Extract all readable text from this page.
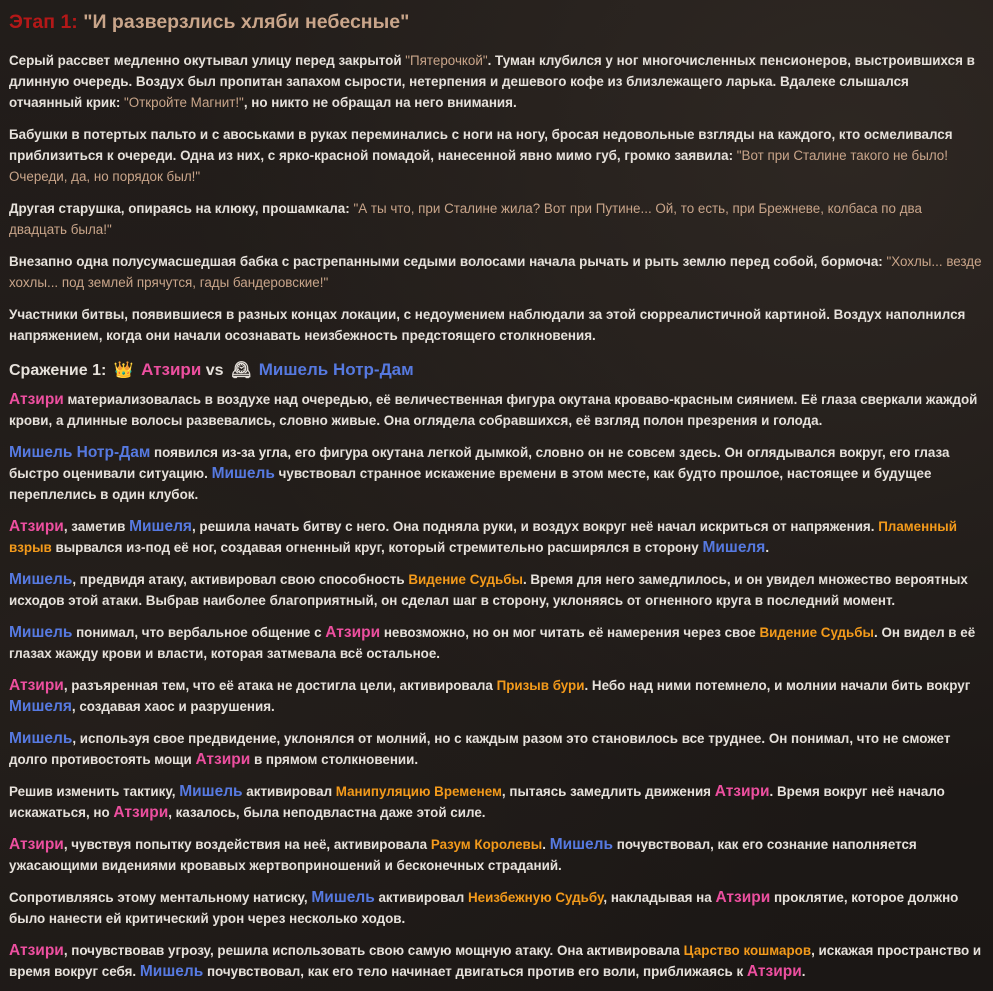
Этап 1: "И разверзлись хляби небесные"

Серый рассвет медленно окутывал улицу перед закрытой "Пятерочкой". Туман клубился у ног многочисленных пенсионеров, выстроившихся в длинную очередь. Воздух был пропитан запахом сырости, нетерпения и дешевого кофе из близлежащего ларька. Вдалеке слышался отчаянный крик: "Откройте Магнит!", но никто не обращал на него внимания.

Бабушки в потертых пальто и с авоськами в руках переминались с ноги на ногу, бросая недовольные взгляды на каждого, кто осмеливался приблизиться к очереди. Одна из них, с ярко-красной помадой, нанесенной явно мимо губ, громко заявила: "Вот при Сталине такого не было! Очереди, да, но порядок был!"

Другая старушка, опираясь на клюку, прошамкала: "А ты что, при Сталине жила? Вот при Путине... Ой, то есть, при Брежневе, колбаса по два двадцать была!"

Внезапно одна полусумасшедшая бабка с растрепанными седыми волосами начала рычать и рыть землю перед собой, бормоча: "Хохлы... везде хохлы... под землей прячутся, гады бандеровские!"

Участники битвы, появившиеся в разных концах локации, с недоумением наблюдали за этой сюрреалистичной картиной. Воздух наполнился напряжением, когда они начали осознавать неизбежность предстоящего столкновения.

Сражение 1: 👑 Атзири vs 🕰 Мишель Нотр-Дам

Атзири материализовалась в воздухе над очередью, её величественная фигура окутана кроваво-красным сиянием. Её глаза сверкали жаждой крови, а длинные волосы развевались, словно живые. Она оглядела собравшихся, её взгляд полон презрения и голода.

Мишель Нотр-Дам появился из-за угла, его фигура окутана легкой дымкой, словно он не совсем здесь. Он оглядывался вокруг, его глаза быстро оценивали ситуацию. Мишель чувствовал странное искажение времени в этом месте, как будто прошлое, настоящее и будущее переплелись в один клубок.

Атзири, заметив Мишеля, решила начать битву с него. Она подняла руки, и воздух вокруг неё начал искриться от напряжения. Пламенный взрыв вырвался из-под её ног, создавая огненный круг, который стремительно расширялся в сторону Мишеля.

Мишель, предвидя атаку, активировал свою способность Видение Судьбы. Время для него замедлилось, и он увидел множество вероятных исходов этой атаки. Выбрав наиболее благоприятный, он сделал шаг в сторону, уклоняясь от огненного круга в последний момент.

Мишель понимал, что вербальное общение с Атзири невозможно, но он мог читать её намерения через свое Видение Судьбы. Он видел в её глазах жажду крови и власти, которая затмевала всё остальное.

Атзири, разъяренная тем, что её атака не достигла цели, активировала Призыв бури. Небо над ними потемнело, и молнии начали бить вокруг Мишеля, создавая хаос и разрушения.

Мишель, используя свое предвидение, уклонялся от молний, но с каждым разом это становилось все труднее. Он понимал, что не сможет долго противостоять мощи Атзири в прямом столкновении.

Решив изменить тактику, Мишель активировал Манипуляцию Временем, пытаясь замедлить движения Атзири. Время вокруг неё начало искажаться, но Атзири, казалось, была неподвластна даже этой силе.

Атзири, чувствуя попытку воздействия на неё, активировала Разум Королевы. Мишель почувствовал, как его сознание наполняется ужасающими видениями кровавых жертвоприношений и бесконечных страданий.

Сопротивляясь этому ментальному натиску, Мишель активировал Неизбежную Судьбу, накладывая на Атзири проклятие, которое должно было нанести ей критический урон через несколько ходов.

Атзири, почувствовав угрозу, решила использовать свою самую мощную атаку. Она активировала Царство кошмаров, искажая пространство и время вокруг себя. Мишель почувствовал, как его тело начинает двигаться против его воли, приближаясь к Атзири.
